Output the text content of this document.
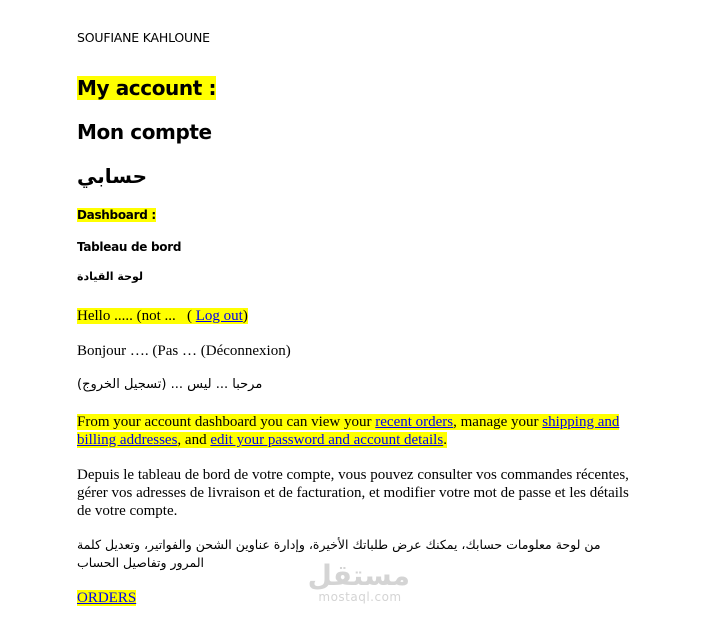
SOUFIANE KAHLOUNE
My account :
Mon compte
حسابي
Dashboard :
Tableau de bord
لوحة القيادة
Hello ..... (not ...   ( Log out)
Bonjour …. (Pas … (Déconnexion)
مرحبا ... ليس ... (تسجيل الخروج)
From your account dashboard you can view your recent orders, manage your shipping and billing addresses, and edit your password and account details.
Depuis le tableau de bord de votre compte, vous pouvez consulter vos commandes récentes, gérer vos adresses de livraison et de facturation, et modifier votre mot de passe et les détails de votre compte.
من لوحة معلومات حسابك، يمكنك عرض طلباتك الأخيرة، وإدارة عناوين الشحن والفواتير، وتعديل كلمة المرور وتفاصيل الحساب
ORDERS
مستقل
mostaql.com
